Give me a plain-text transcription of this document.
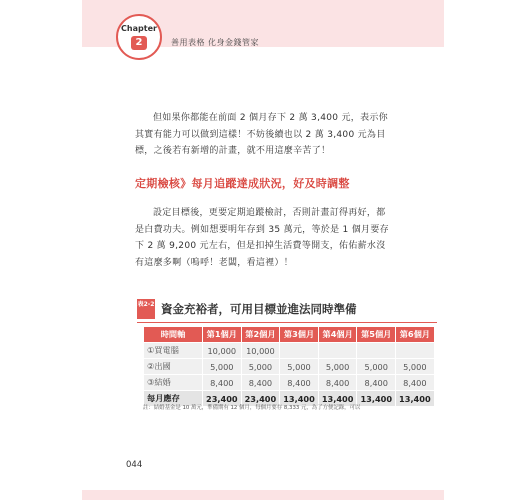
Chapter
2	善用表格 化身金錢管家

但如果你都能在前面 2 個月存下 2 萬 3,400 元，表示你其實有能力可以做到這樣！不妨後續也以 2 萬 3,400 元為目標，之後若有新增的計畫，就不用這麼辛苦了！

定期檢核》每月追蹤達成狀況，好及時調整

設定目標後，更要定期追蹤檢討，否則計畫訂得再好，都是白費功夫。例如想要明年存到 35 萬元，等於是 1 個月要存下 2 萬 9,200 元左右，但是扣掉生活費等開支，佑佑薪水沒有這麼多啊（嗚呼！老闆，看這裡）！

表2-2 資金充裕者，可用目標並進法同時準備
時間軸	第1個月	第2個月	第3個月	第4個月	第5個月	第6個月
①買電腦	10,000	10,000				
②出國	5,000	5,000	5,000	5,000	5,000	5,000
③結婚	8,400	8,400	8,400	8,400	8,400	8,400
每月應存	23,400	23,400	13,400	13,400	13,400	13,400
註：結婚基金是 10 萬元，準備期有 12 個月，每個月要存 8,333 元，為了方便記錄，可以
044
